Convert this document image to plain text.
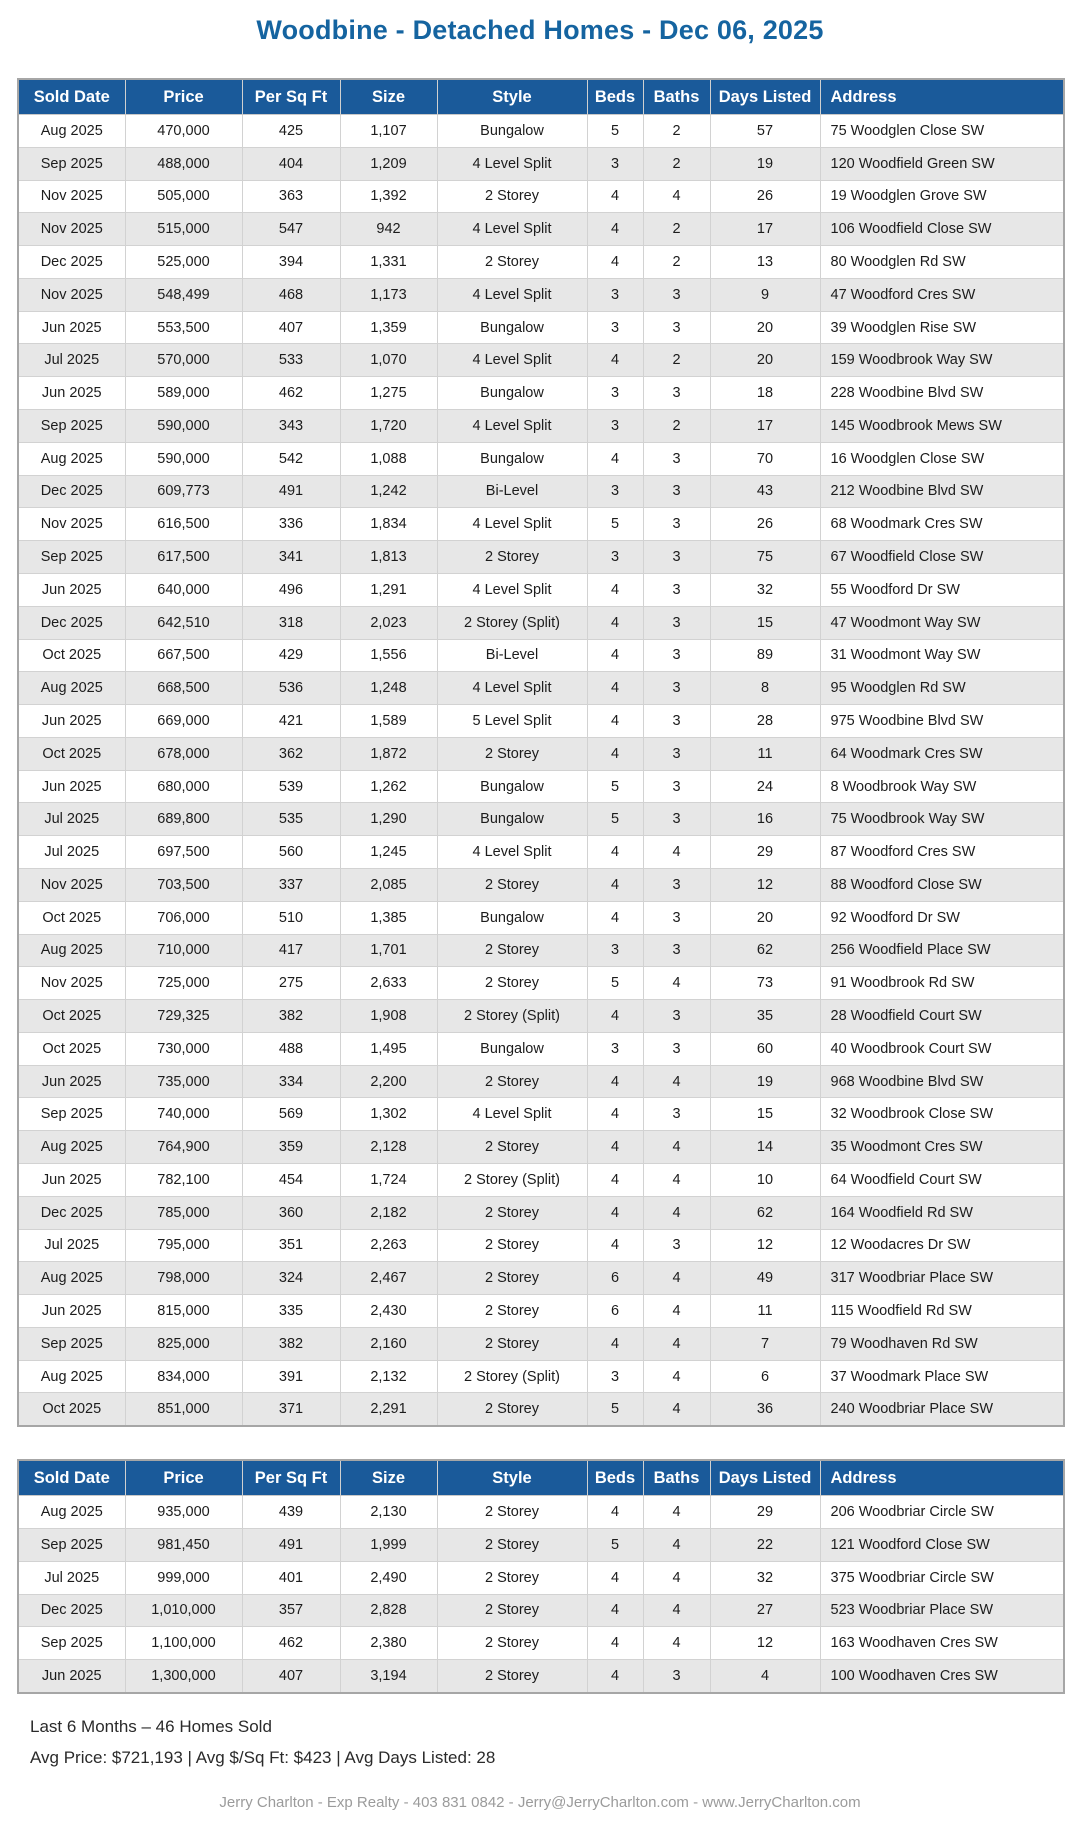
Woodbine - Detached Homes - Dec 06, 2025
Sold Date	Price	Per Sq Ft	Size	Style	Beds	Baths	Days Listed	Address
Aug 2025	470,000	425	1,107	Bungalow	5	2	57	75 Woodglen Close SW
Sep 2025	488,000	404	1,209	4 Level Split	3	2	19	120 Woodfield Green SW
Nov 2025	505,000	363	1,392	2 Storey	4	4	26	19 Woodglen Grove SW
Nov 2025	515,000	547	942	4 Level Split	4	2	17	106 Woodfield Close SW
Dec 2025	525,000	394	1,331	2 Storey	4	2	13	80 Woodglen Rd SW
Nov 2025	548,499	468	1,173	4 Level Split	3	3	9	47 Woodford Cres SW
Jun 2025	553,500	407	1,359	Bungalow	3	3	20	39 Woodglen Rise SW
Jul 2025	570,000	533	1,070	4 Level Split	4	2	20	159 Woodbrook Way SW
Jun 2025	589,000	462	1,275	Bungalow	3	3	18	228 Woodbine Blvd SW
Sep 2025	590,000	343	1,720	4 Level Split	3	2	17	145 Woodbrook Mews SW
Aug 2025	590,000	542	1,088	Bungalow	4	3	70	16 Woodglen Close SW
Dec 2025	609,773	491	1,242	Bi-Level	3	3	43	212 Woodbine Blvd SW
Nov 2025	616,500	336	1,834	4 Level Split	5	3	26	68 Woodmark Cres SW
Sep 2025	617,500	341	1,813	2 Storey	3	3	75	67 Woodfield Close SW
Jun 2025	640,000	496	1,291	4 Level Split	4	3	32	55 Woodford Dr SW
Dec 2025	642,510	318	2,023	2 Storey (Split)	4	3	15	47 Woodmont Way SW
Oct 2025	667,500	429	1,556	Bi-Level	4	3	89	31 Woodmont Way SW
Aug 2025	668,500	536	1,248	4 Level Split	4	3	8	95 Woodglen Rd SW
Jun 2025	669,000	421	1,589	5 Level Split	4	3	28	975 Woodbine Blvd SW
Oct 2025	678,000	362	1,872	2 Storey	4	3	11	64 Woodmark Cres SW
Jun 2025	680,000	539	1,262	Bungalow	5	3	24	8 Woodbrook Way SW
Jul 2025	689,800	535	1,290	Bungalow	5	3	16	75 Woodbrook Way SW
Jul 2025	697,500	560	1,245	4 Level Split	4	4	29	87 Woodford Cres SW
Nov 2025	703,500	337	2,085	2 Storey	4	3	12	88 Woodford Close SW
Oct 2025	706,000	510	1,385	Bungalow	4	3	20	92 Woodford Dr SW
Aug 2025	710,000	417	1,701	2 Storey	3	3	62	256 Woodfield Place SW
Nov 2025	725,000	275	2,633	2 Storey	5	4	73	91 Woodbrook Rd SW
Oct 2025	729,325	382	1,908	2 Storey (Split)	4	3	35	28 Woodfield Court SW
Oct 2025	730,000	488	1,495	Bungalow	3	3	60	40 Woodbrook Court SW
Jun 2025	735,000	334	2,200	2 Storey	4	4	19	968 Woodbine Blvd SW
Sep 2025	740,000	569	1,302	4 Level Split	4	3	15	32 Woodbrook Close SW
Aug 2025	764,900	359	2,128	2 Storey	4	4	14	35 Woodmont Cres SW
Jun 2025	782,100	454	1,724	2 Storey (Split)	4	4	10	64 Woodfield Court SW
Dec 2025	785,000	360	2,182	2 Storey	4	4	62	164 Woodfield Rd SW
Jul 2025	795,000	351	2,263	2 Storey	4	3	12	12 Woodacres Dr SW
Aug 2025	798,000	324	2,467	2 Storey	6	4	49	317 Woodbriar Place SW
Jun 2025	815,000	335	2,430	2 Storey	6	4	11	115 Woodfield Rd SW
Sep 2025	825,000	382	2,160	2 Storey	4	4	7	79 Woodhaven Rd SW
Aug 2025	834,000	391	2,132	2 Storey (Split)	3	4	6	37 Woodmark Place SW
Oct 2025	851,000	371	2,291	2 Storey	5	4	36	240 Woodbriar Place SW
Sold Date	Price	Per Sq Ft	Size	Style	Beds	Baths	Days Listed	Address
Aug 2025	935,000	439	2,130	2 Storey	4	4	29	206 Woodbriar Circle SW
Sep 2025	981,450	491	1,999	2 Storey	5	4	22	121 Woodford Close SW
Jul 2025	999,000	401	2,490	2 Storey	4	4	32	375 Woodbriar Circle SW
Dec 2025	1,010,000	357	2,828	2 Storey	4	4	27	523 Woodbriar Place SW
Sep 2025	1,100,000	462	2,380	2 Storey	4	4	12	163 Woodhaven Cres SW
Jun 2025	1,300,000	407	3,194	2 Storey	4	3	4	100 Woodhaven Cres SW

Last 6 Months – 46 Homes Sold

Avg Price: $721,193 | Avg $/Sq Ft: $423 | Avg Days Listed: 28

Jerry Charlton - Exp Realty - 403 831 0842 - Jerry@JerryCharlton.com - www.JerryCharlton.com
